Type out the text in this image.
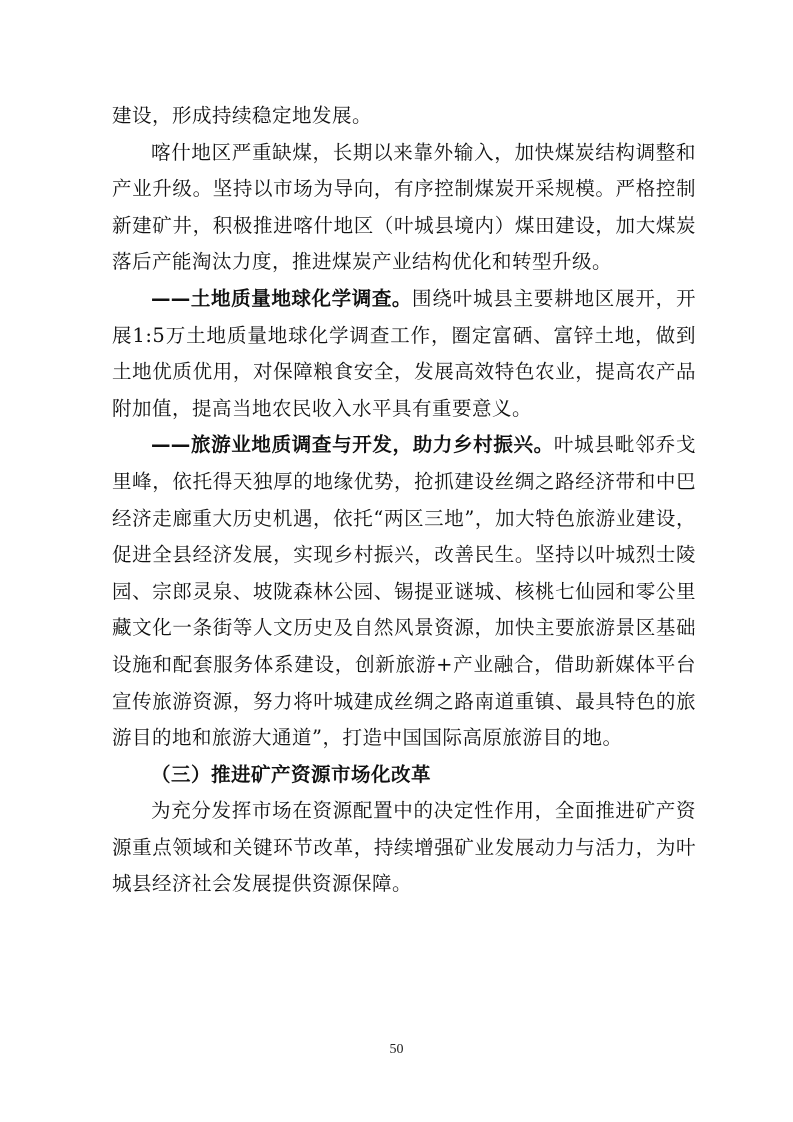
建设，形成持续稳定地发展。

喀什地区严重缺煤，长期以来靠外输入，加快煤炭结构调整和产业升级。坚持以市场为导向，有序控制煤炭开采规模。严格控制新建矿井，积极推进喀什地区（叶城县境内）煤田建设，加大煤炭落后产能淘汰力度，推进煤炭产业结构优化和转型升级。

——土地质量地球化学调查。围绕叶城县主要耕地区展开，开展1:5万土地质量地球化学调查工作，圈定富硒、富锌土地，做到土地优质优用，对保障粮食安全，发展高效特色农业，提高农产品附加值，提高当地农民收入水平具有重要意义。

——旅游业地质调查与开发，助力乡村振兴。叶城县毗邻乔戈里峰，依托得天独厚的地缘优势，抢抓建设丝绸之路经济带和中巴经济走廊重大历史机遇，依托“两区三地”，加大特色旅游业建设，促进全县经济发展，实现乡村振兴，改善民生。坚持以叶城烈士陵园、宗郎灵泉、坡陇森林公园、锡提亚谜城、核桃七仙园和零公里藏文化一条街等人文历史及自然风景资源，加快主要旅游景区基础设施和配套服务体系建设，创新旅游+产业融合，借助新媒体平台宣传旅游资源，努力将叶城建成丝绸之路南道重镇、最具特色的旅游目的地和旅游大通道”，打造中国国际高原旅游目的地。

（三）推进矿产资源市场化改革

为充分发挥市场在资源配置中的决定性作用，全面推进矿产资源重点领域和关键环节改革，持续增强矿业发展动力与活力，为叶城县经济社会发展提供资源保障。

50
